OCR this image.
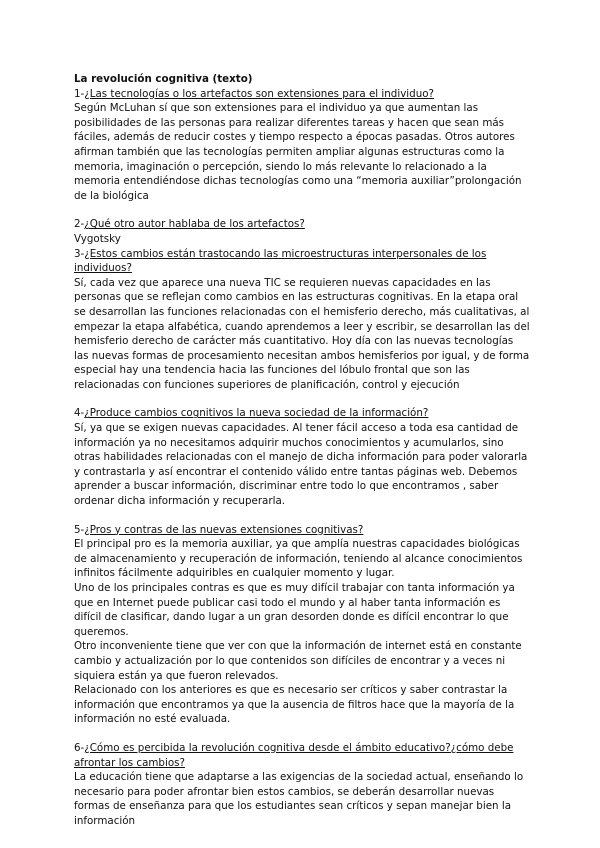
La revolución cognitiva (texto)

1-¿Las tecnologías o los artefactos son extensiones para el individuo?

Según McLuhan sí que son extensiones para el individuo ya que aumentan las posibilidades de las personas para realizar diferentes tareas y hacen que sean más fáciles, además de reducir costes y tiempo respecto a épocas pasadas. Otros autores afirman también que las tecnologías permiten ampliar algunas estructuras como la memoria, imaginación o percepción, siendo lo más relevante lo relacionado a la memoria entendiéndose dichas tecnologías como una “memoria auxiliar”prolongación de la biológica

2-¿Qué otro autor hablaba de los artefactos?

Vygotsky

3-¿Estos cambios están trastocando las microestructuras interpersonales de los individuos?

Sí, cada vez que aparece una nueva TIC se requieren nuevas capacidades en las personas que se reflejan como cambios en las estructuras cognitivas. En la etapa oral se desarrollan las funciones relacionadas con el hemisferio derecho, más cualitativas, al empezar la etapa alfabética, cuando aprendemos a leer y escribir, se desarrollan las del hemisferio derecho de carácter más cuantitativo. Hoy día con las nuevas tecnologías las nuevas formas de procesamiento necesitan ambos hemisferios por igual, y de forma especial hay una tendencia hacia las funciones del lóbulo frontal que son las relacionadas con funciones superiores de planificación, control y ejecución

4-¿Produce cambios cognitivos la nueva sociedad de la información?

Sí, ya que se exigen nuevas capacidades. Al tener fácil acceso a toda esa cantidad de información ya no necesitamos adquirir muchos conocimientos y acumularlos, sino otras habilidades relacionadas con el manejo de dicha información para poder valorarla y contrastarla y así encontrar el contenido válido entre tantas páginas web. Debemos aprender a buscar información, discriminar entre todo lo que encontramos , saber ordenar dicha información y recuperarla.

5-¿Pros y contras de las nuevas extensiones cognitivas?

El principal pro es la memoria auxiliar, ya que amplía nuestras capacidades biológicas de almacenamiento y recuperación de información, teniendo al alcance conocimientos infinitos fácilmente adquiribles en cualquier momento y lugar.

Uno de los principales contras es que es muy difícil trabajar con tanta información ya que en Internet puede publicar casi todo el mundo y al haber tanta información es difícil de clasificar, dando lugar a un gran desorden donde es difícil encontrar lo que queremos.

Otro inconveniente tiene que ver con que la información de internet está en constante cambio y actualización por lo que contenidos son difíciles de encontrar y a veces ni siquiera están ya que fueron relevados.

Relacionado con los anteriores es que es necesario ser críticos y saber contrastar la información que encontramos ya que la ausencia de filtros hace que la mayoría de la información no esté evaluada.

6-¿Cómo es percibida la revolución cognitiva desde el ámbito educativo?¿cómo debe afrontar los cambios?

La educación tiene que adaptarse a las exigencias de la sociedad actual, enseñando lo necesario para poder afrontar bien estos cambios, se deberán desarrollar nuevas formas de enseñanza para que los estudiantes sean críticos y sepan manejar bien la información
